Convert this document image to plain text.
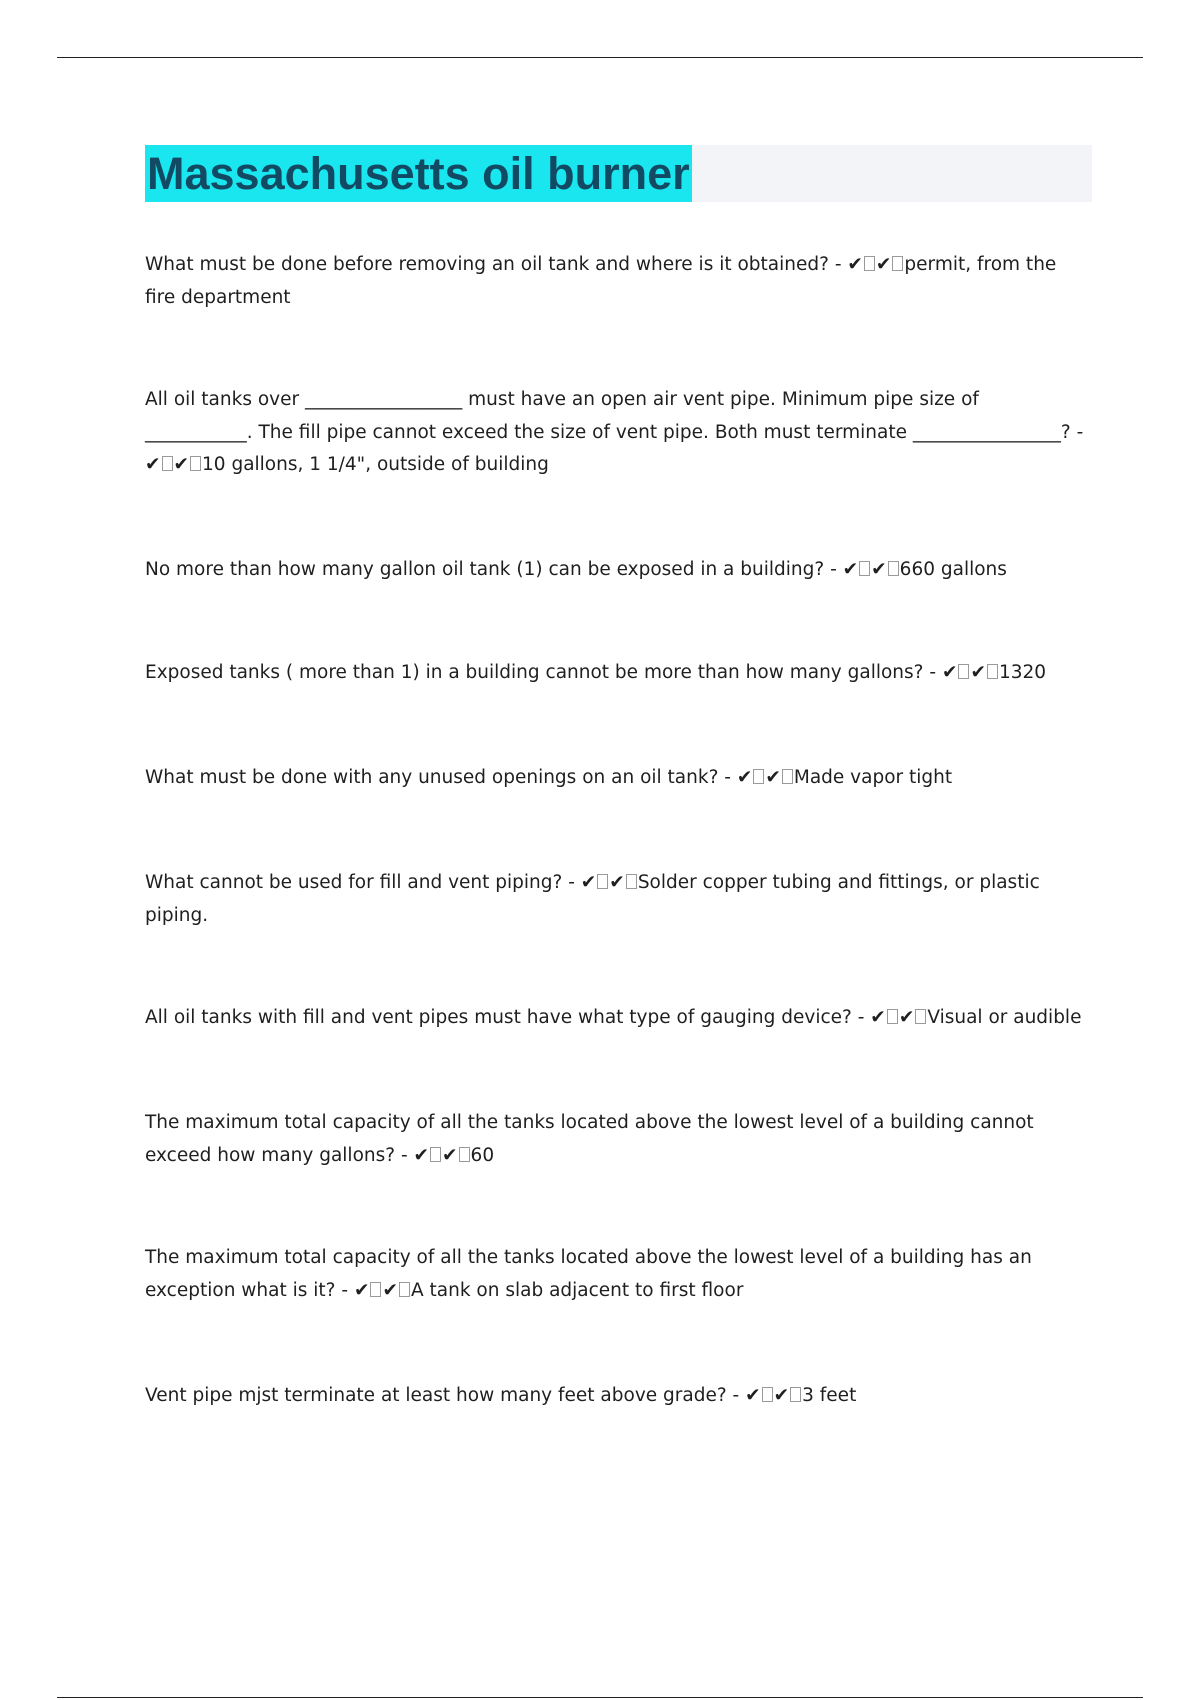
Massachusetts oil burner

What must be done before removing an oil tank and where is it obtained? - ✔ ✔ permit, from the fire department

All oil tanks over _________________ must have an open air vent pipe. Minimum pipe size of ___________. The fill pipe cannot exceed the size of vent pipe. Both must terminate ________________? - ✔ ✔ 10 gallons, 1 1/4", outside of building

No more than how many gallon oil tank (1) can be exposed in a building? - ✔ ✔ 660 gallons

Exposed tanks ( more than 1) in a building cannot be more than how many gallons? - ✔ ✔ 1320

What must be done with any unused openings on an oil tank? - ✔ ✔ Made vapor tight

What cannot be used for fill and vent piping? - ✔ ✔ Solder copper tubing and fittings, or plastic piping.

All oil tanks with fill and vent pipes must have what type of gauging device? - ✔ ✔ Visual or audible

The maximum total capacity of all the tanks located above the lowest level of a building cannot exceed how many gallons? - ✔ ✔ 60

The maximum total capacity of all the tanks located above the lowest level of a building has an exception what is it? - ✔ ✔ A tank on slab adjacent to first floor

Vent pipe mjst terminate at least how many feet above grade? - ✔ ✔ 3 feet
